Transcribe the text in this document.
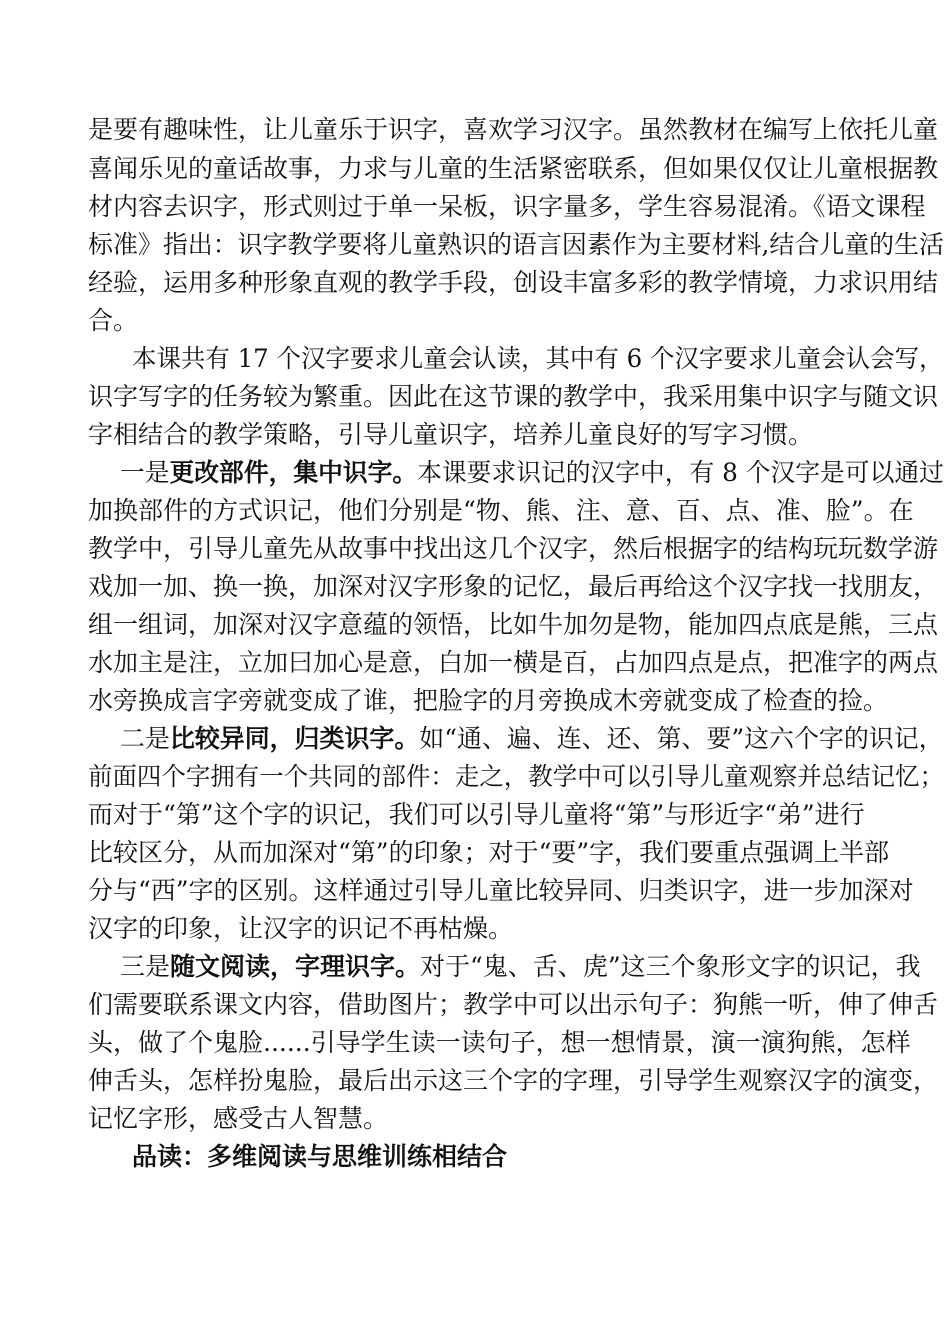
是要有趣味性，让儿童乐于识字，喜欢学习汉字。虽然教材在编写上依托儿童

喜闻乐见的童话故事，力求与儿童的生活紧密联系，但如果仅仅让儿童根据教

材内容去识字，形式则过于单一呆板，识字量多，学生容易混淆。《语文课程

标准》指出：识字教学要将儿童熟识的语言因素作为主要材料,结合儿童的生活

经验，运用多种形象直观的教学手段，创设丰富多彩的教学情境，力求识用结

合。

本课共有 17 个汉字要求儿童会认读，其中有 6 个汉字要求儿童会认会写，

识字写字的任务较为繁重。因此在这节课的教学中，我采用集中识字与随文识

字相结合的教学策略，引导儿童识字，培养儿童良好的写字习惯。

一是更改部件，集中识字。本课要求识记的汉字中，有 8 个汉字是可以通过

加换部件的方式识记，他们分别是“物、熊、注、意、百、点、准、脸”。在

教学中，引导儿童先从故事中找出这几个汉字，然后根据字的结构玩玩数学游

戏加一加、换一换，加深对汉字形象的记忆，最后再给这个汉字找一找朋友，

组一组词，加深对汉字意蕴的领悟，比如牛加勿是物，能加四点底是熊，三点

水加主是注，立加曰加心是意，白加一横是百，占加四点是点，把准字的两点

水旁换成言字旁就变成了谁，把脸字的月旁换成木旁就变成了检查的捡。

二是比较异同，归类识字。如“通、遍、连、还、第、要”这六个字的识记，

前面四个字拥有一个共同的部件：走之，教学中可以引导儿童观察并总结记忆；

而对于“第”这个字的识记，我们可以引导儿童将“第”与形近字“弟”进行

比较区分，从而加深对“第”的印象；对于“要”字，我们要重点强调上半部

分与“西”字的区别。这样通过引导儿童比较异同、归类识字，进一步加深对

汉字的印象，让汉字的识记不再枯燥。

三是随文阅读，字理识字。对于“鬼、舌、虎”这三个象形文字的识记，我

们需要联系课文内容，借助图片；教学中可以出示句子：狗熊一听，伸了伸舌

头，做了个鬼脸......引导学生读一读句子，想一想情景，演一演狗熊，怎样

伸舌头，怎样扮鬼脸，最后出示这三个字的字理，引导学生观察汉字的演变，

记忆字形，感受古人智慧。

品读：多维阅读与思维训练相结合
